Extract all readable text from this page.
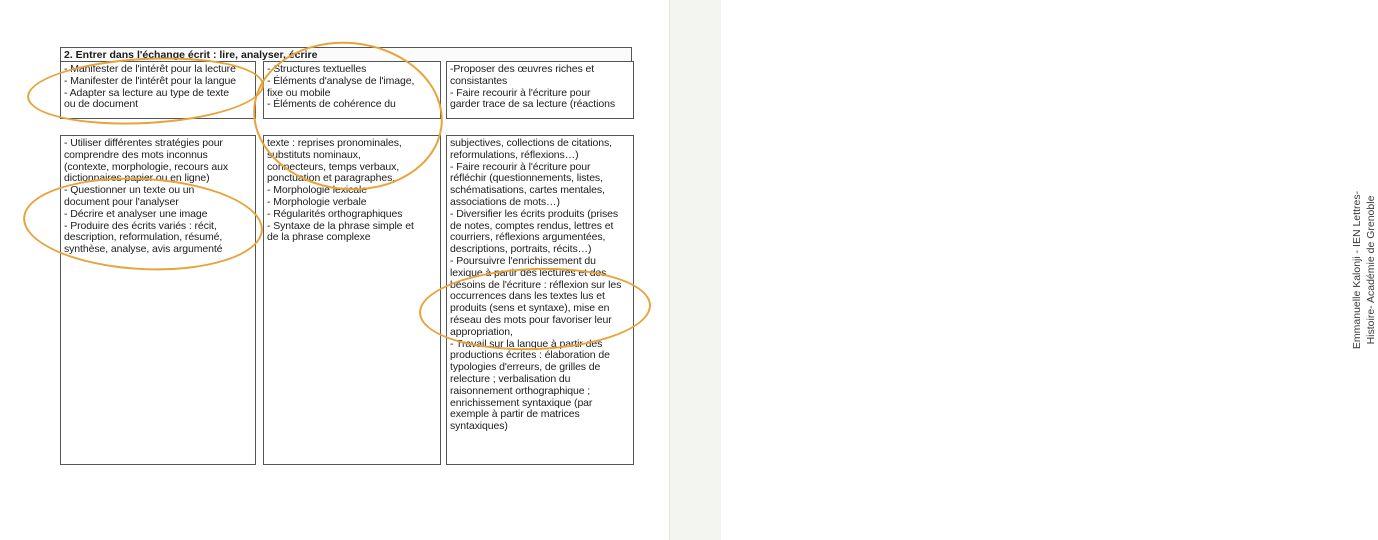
Emmanuelle Kalonji - IEN Lettres- Histoire- Académie de Grenoble
2. Entrer dans l'échange écrit : lire, analyser, écrire
- Manifester de l'intérêt pour la lecture
- Manifester de l'intérêt pour la langue
- Adapter sa lecture au type de texte
ou de document
- Structures textuelles
- Éléments d'analyse de l'image,
fixe ou mobile
- Éléments de cohérence du
-Proposer des œuvres riches et
consistantes
- Faire recourir à l'écriture pour
garder trace de sa lecture (réactions
- Utiliser différentes stratégies pour
comprendre des mots inconnus
(contexte, morphologie, recours aux
dictionnaires papier ou en ligne)
- Questionner un texte ou un
document pour l'analyser
- Décrire et analyser une image
- Produire des écrits variés : récit,
description, reformulation, résumé,
synthèse, analyse, avis argumenté
texte : reprises pronominales,
substituts nominaux,
connecteurs, temps verbaux,
ponctuation et paragraphes.
- Morphologie lexicale
- Morphologie verbale
- Régularités orthographiques
- Syntaxe de la phrase simple et
de la phrase complexe
subjectives, collections de citations,
reformulations, réflexions…)
- Faire recourir à l'écriture pour
réfléchir (questionnements, listes,
schématisations, cartes mentales,
associations de mots…)
- Diversifier les écrits produits (prises
de notes, comptes rendus, lettres et
courriers, réflexions argumentées,
descriptions, portraits, récits…)
- Poursuivre l'enrichissement du
lexique à partir des lectures et des
besoins de l'écriture : réflexion sur les
occurrences dans les textes lus et
produits (sens et syntaxe), mise en
réseau des mots pour favoriser leur
appropriation,
- Travail sur la langue à partir des
productions écrites : élaboration de
typologies d'erreurs, de grilles de
relecture ; verbalisation du
raisonnement orthographique ;
enrichissement syntaxique (par
exemple à partir de matrices
syntaxiques)
